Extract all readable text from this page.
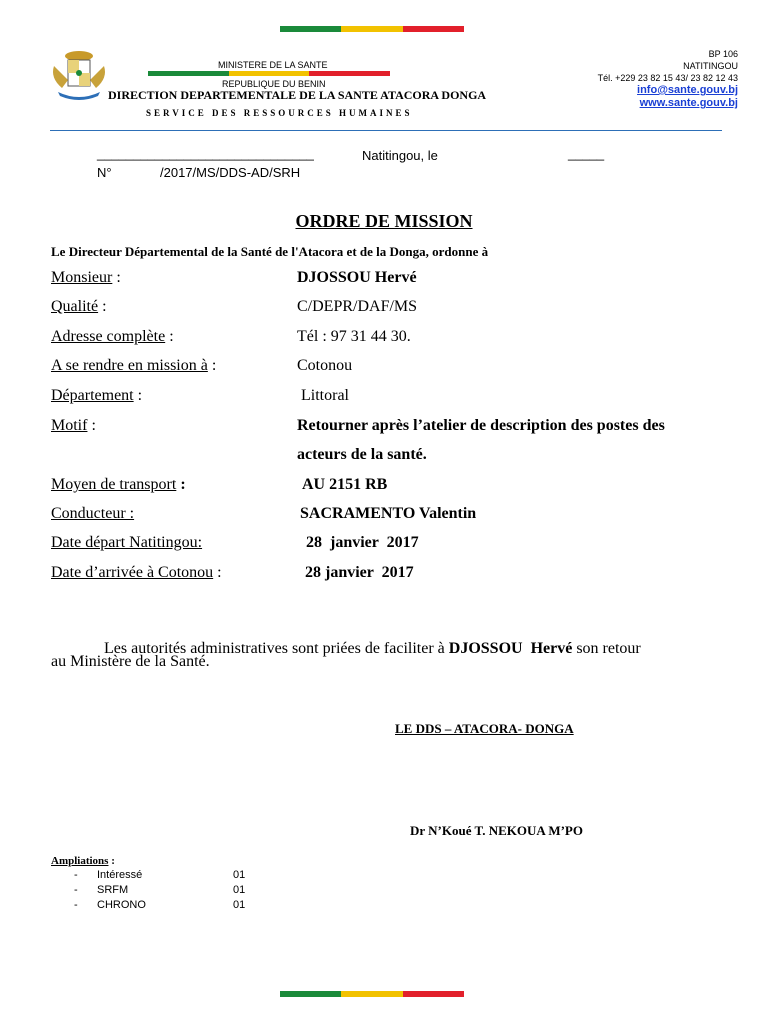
MINISTERE DE LA SANTE
REPUBLIQUE DU BENIN
DIRECTION DEPARTEMENTALE DE LA SANTE ATACORA DONGA
SERVICE DES RESSOURCES HUMAINES
BP 106
NATITINGOU
Tél. +229 23 82 15 43/ 23 82 12 43
info@sante.gouv.bj
www.sante.gouv.bj
______________________________	Natitingou, le	_____
N°	/2017/MS/DDS-AD/SRH
ORDRE DE MISSION
Le Directeur Départemental de la Santé de l'Atacora et de la Donga, ordonne à
Monsieur :	DJOSSOU Hervé
Qualité :	C/DEPR/DAF/MS
Adresse complète :	Tél : 97 31 44 30.
A se rendre en mission à :	Cotonou
Département :	Littoral
Motif :	Retourner après l’atelier de description des postes des
acteurs de la santé.
Moyen de transport :	AU 2151 RB
Conducteur :	SACRAMENTO Valentin
Date départ Natitingou:	28  janvier  2017
Date d’arrivée à Cotonou :	28 janvier  2017

Les autorités administratives sont priées de faciliter à DJOSSOU  Hervé son retour
au Ministère de la Santé.
LE DDS – ATACORA- DONGA
Dr N’Koué T. NEKOUA M’PO
Ampliations :
- Intéressé	01
- SRFM	01
- CHRONO	01
